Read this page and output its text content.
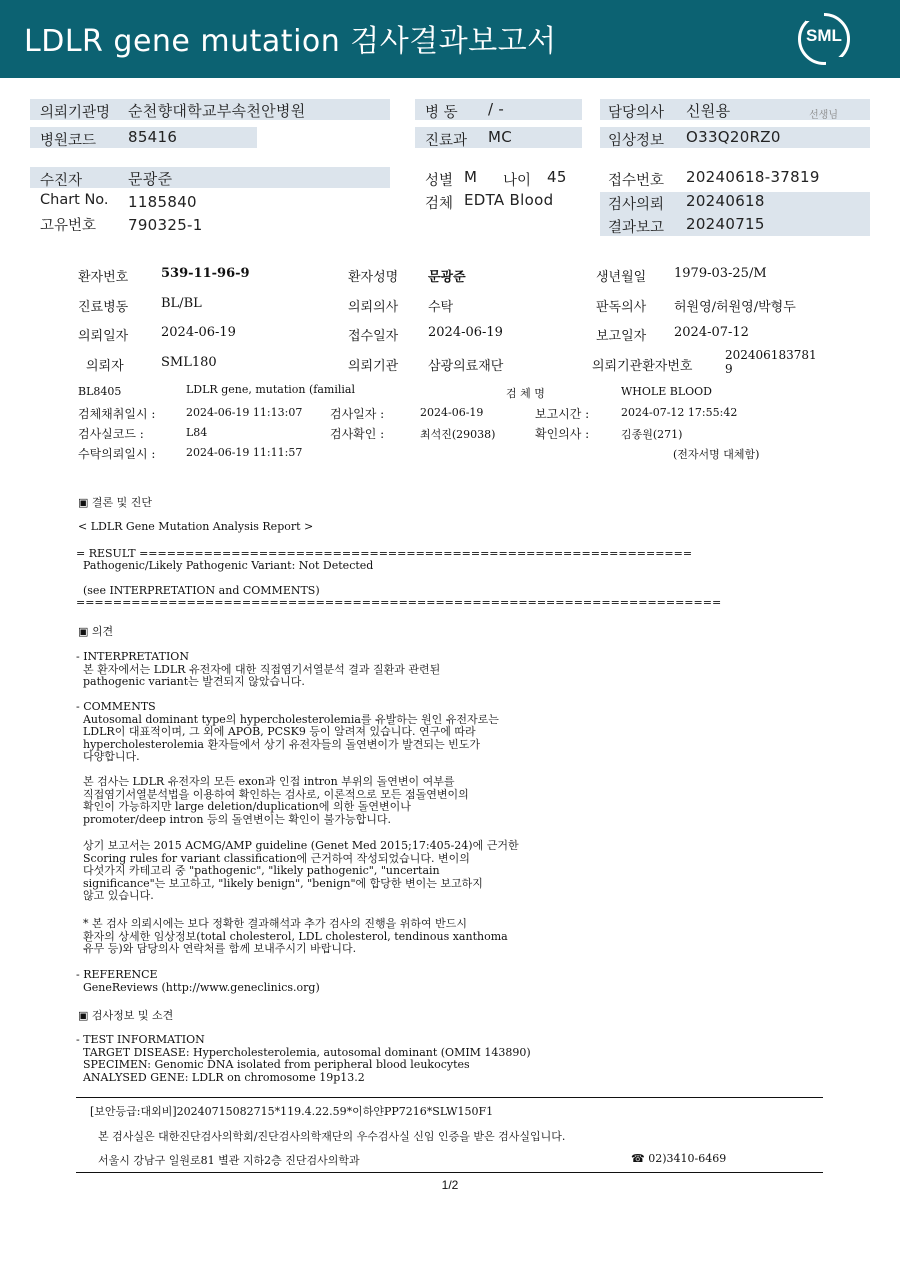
LDLR gene mutation 검사결과보고서	SML
의뢰기관명 순천향대학교부속천안병원
병원코드 85416
병 동 / -
진료과 MC
담당의사 신원용	선생님
임상정보 O33Q20RZ0
수진자	문광준
Chart No. 1185840
고유번호 790325-1
성별 M 나이 45
검체 EDTA Blood
접수번호 20240618-37819
검사의뢰 20240618
결과보고 20240715
환자번호	539-11-96-9	환자성명 문광준	생년월일 1979-03-25/M
진료병동	BL/BL	의뢰의사 수탁	판독의사 허원영/허원영/박형두
의뢰일자	2024-06-19	접수일자 2024-06-19	보고일자 2024-07-12
의뢰자	SML180	의뢰기관 삼광의료재단	의뢰기관환자번호
202406183781
9
BL8405	LDLR gene, mutation (familial	검 체 명	WHOLE BLOOD
검체채취일시 :	2024-06-19 11:13:07 검사일자 :	2024-06-19	보고시간 :	2024-07-12 17:55:42
검사실코드 :	L84	검사확인 :	최석진(29038)	확인의사 :	김종원(271)
수탁의뢰일시 :	2024-06-19 11:11:57	(전자서명 대체함)
▣ 결론 및 진단
< LDLR Gene Mutation Analysis Report >
= RESULT ============================================================
Pathogenic/Likely Pathogenic Variant: Not Detected
(see INTERPRETATION and COMMENTS)
======================================================================
▣ 의견
- INTERPRETATION
본 환자에서는 LDLR 유전자에 대한 직접염기서열분석 결과 질환과 관련된
pathogenic variant는 발견되지 않았습니다.
- COMMENTS
Autosomal dominant type의 hypercholesterolemia를 유발하는 원인 유전자로는
LDLR이 대표적이며, 그 외에 APOB, PCSK9 등이 알려져 있습니다. 연구에 따라
hypercholesterolemia 환자들에서 상기 유전자들의 돌연변이가 발견되는 빈도가
다양합니다.
본 검사는 LDLR 유전자의 모든 exon과 인접 intron 부위의 돌연변이 여부를
직접염기서열분석법을 이용하여 확인하는 검사로, 이론적으로 모든 점돌연변이의
확인이 가능하지만 large deletion/duplication에 의한 돌연변이나
promoter/deep intron 등의 돌연변이는 확인이 불가능합니다.
상기 보고서는 2015 ACMG/AMP guideline (Genet Med 2015;17:405-24)에 근거한
Scoring rules for variant classification에 근거하여 작성되었습니다. 변이의
다섯가지 카테고리 중 "pathogenic", "likely pathogenic", "uncertain
significance"는 보고하고, "likely benign", "benign"에 합당한 변이는 보고하지
않고 있습니다.
* 본 검사 의뢰시에는 보다 정확한 결과해석과 추가 검사의 진행을 위하여 반드시
환자의 상세한 임상정보(total cholesterol, LDL cholesterol, tendinous xanthoma
유무 등)와 담당의사 연락처를 함께 보내주시기 바랍니다.
- REFERENCE
GeneReviews (http://www.geneclinics.org)
▣ 검사정보 및 소견
- TEST INFORMATION
TARGET DISEASE: Hypercholesterolemia, autosomal dominant (OMIM 143890)
SPECIMEN: Genomic DNA isolated from peripheral blood leukocytes
ANALYSED GENE: LDLR on chromosome 19p13.2
[보안등급:대외비]20240715082715*119.4.22.59*이하얀PP7216*SLW150F1
본 검사실은 대한진단검사의학회/진단검사의학재단의 우수검사실 신임 인증을 받은 검사실입니다.
서울시 강남구 일원로81 별관 지하2층 진단검사의학과	☎ 02)3410-6469
1/2
